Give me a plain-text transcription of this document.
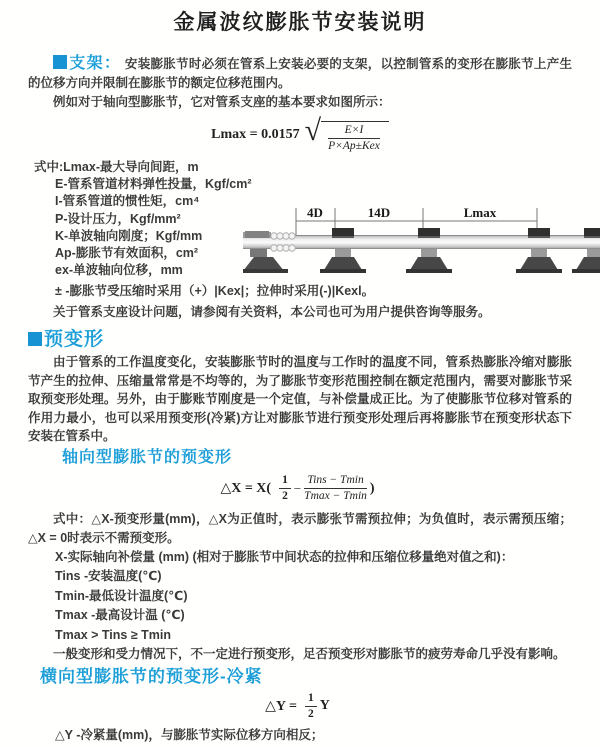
金属波纹膨胀节安装说明

支架： 安装膨胀节时必须在管系上安装必要的支架，以控制管系的变形在膨胀节上产生的位移方向并限制在膨胀节的额定位移范围内。

例如对于轴向型膨胀节，它对管系支座的基本要求如图所示：

Lmax = 0.0157 √ $\frac{E\times I}{\text{P×Ap±Kex}}$
式中:Lmax-最大导向间距，m
E-管系管道材料弹性投量，Kgf/cm²
I-管系管道的惯性矩，cm⁴
P-设计压力，Kgf/mm²
K-单波轴向刚度；Kgf/mm
Ap-膨胀节有效面积，cm²
ex-单波轴向位移，mm
± -膨胀节受压缩时采用（+）|Kex|；拉伸时采用(-)|Kexl。
关于管系支座设计问题，请参阅有关资料，本公司也可为用户提供咨询等服务。
4D	14D	Lmax
预变形

由于管系的工作温度变化，安装膨胀节时的温度与工作时的温度不同，管系热膨胀冷缩对膨胀节产生的拉伸、压缩量常常是不均等的，为了膨胀节变形范围控制在额定范围内，需要对膨胀节采取预变形处理。另外，由于膨账节刚度是一个定值，与补偿量成正比。为了使膨胀节位移对管系的作用力最小，也可以采用预变形(冷紧)方让对膨胀节进行预变形处理后再将膨胀节在预变形状态下安装在管系中。

轴向型膨胀节的预变形
△X = $X( \frac{1}{2} - \frac{\text{Tins − Tmin}}{Tmax - Tmin}$ )

式中：△X-预变形量(mm)，△X为正值时，表示膨张节需预拉伸；为负值时，表示需预压缩；△X = 0时表示不需预变形。

X-实际轴向补偿量 (mm) (相对于膨胀节中间状态的拉伸和压缩位移量绝对值之和)：
Tins -安装温度(℃)
Tmin-最低设计温度(℃)
Tmax -最高设计温 (℃)
Tmax > Tins ≥ Tmin
一般变形和受力情况下，不一定进行预变形，足否预变形对膨胀节的疲劳寿命几乎没有影响。
横向型膨胀节的预变形-冷紧
△Y = $\frac{1}{2}$ Y
△Y -冷紧量(mm)，与膨胀节实际位移方向相反；
